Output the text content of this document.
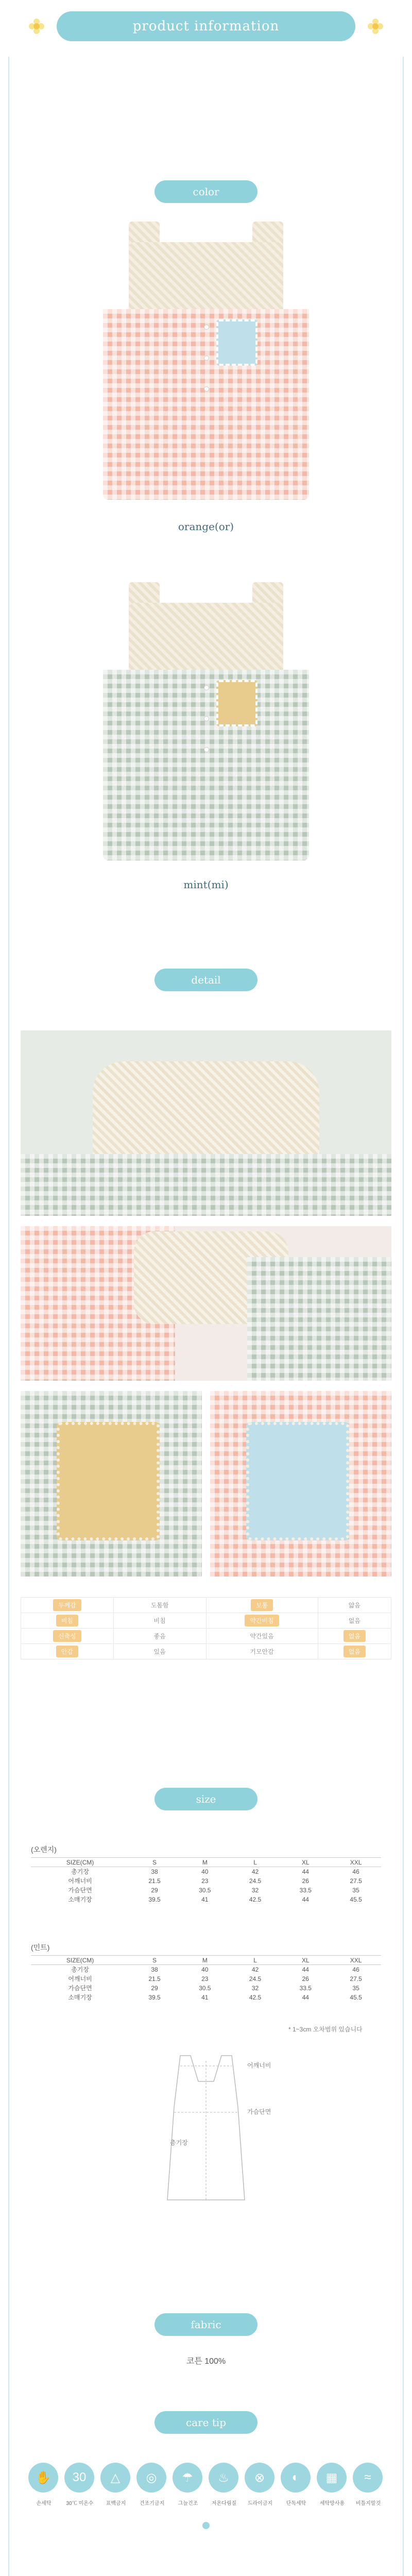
product information
color
orange(or)
mint(mi)
detail
두께감	도톰함	보통	얇음
비침	비침	약간비침	없음
신축성	좋음	약간있음	없음
안감	있음	기모안감	없음
size
(오렌지)
SIZE(CM)	S	M	L	XL	XXL
총기장	38	40	42	44	46
어깨너비	21.5	23	24.5	26	27.5
가슴단면	29	30.5	32	33.5	35
소매기장	39.5	41	42.5	44	45.5
(민트)
SIZE(CM)	S	M	L	XL	XXL
총기장	38	40	42	44	46
어깨너비	21.5	23	24.5	26	27.5
가슴단면	29	30.5	32	33.5	35
소매기장	39.5	41	42.5	44	45.5
* 1~3cm 오차범위 있습니다
어깨너비
가슴단면
총기장
fabric
코튼 100%
care tip
✋
손세탁
30
30℃ 미온수
△
표백금지
◎
건조기금지
☂
그늘건조
♨
저온다림질
⊗
드라이금지
◐
단독세탁
▦
세탁망사용
≈
비틀지말것
